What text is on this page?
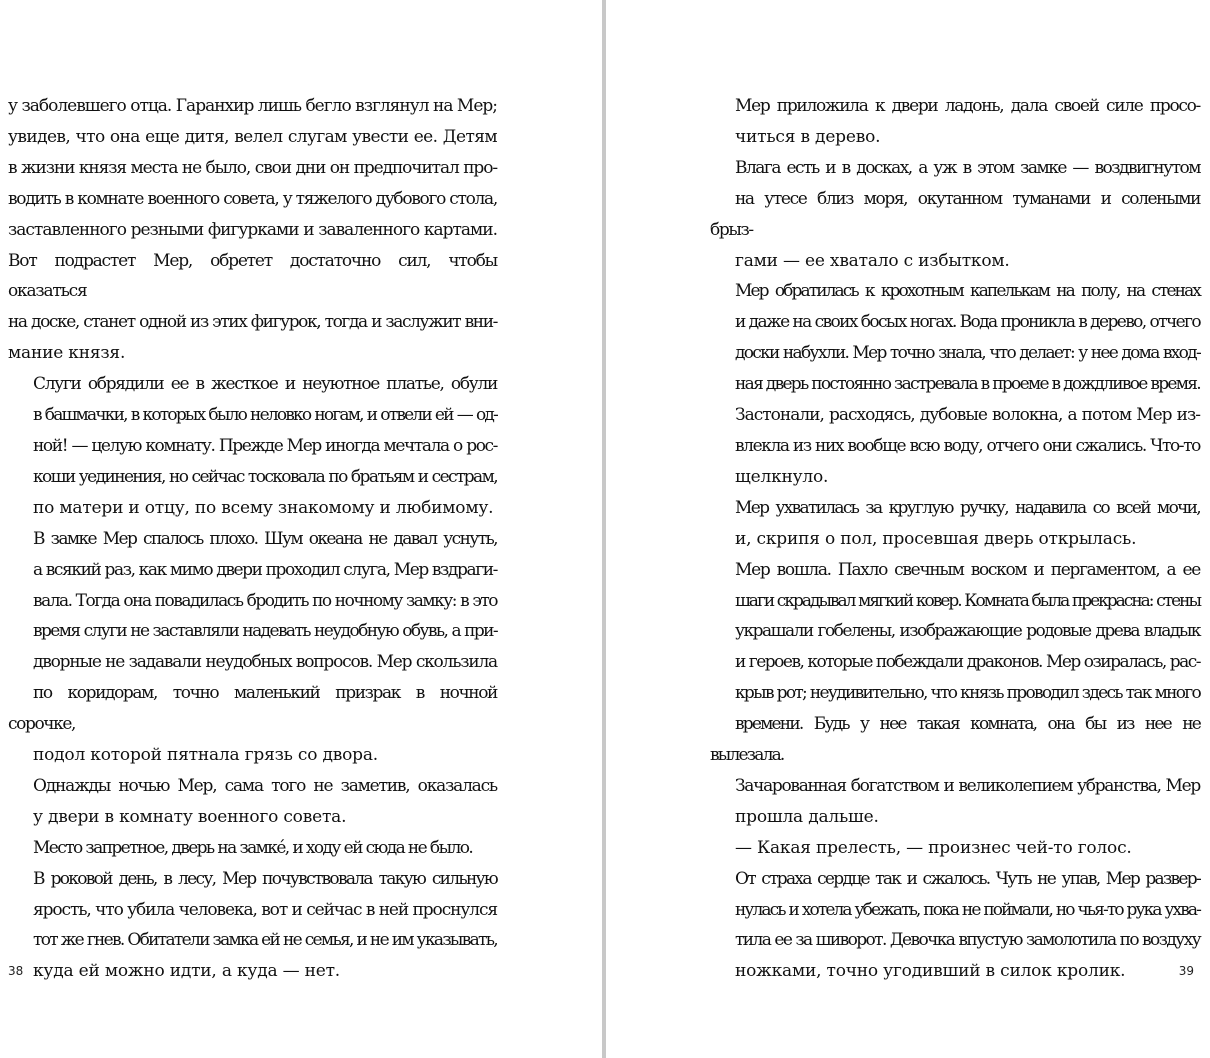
у заболевшего отца. Гаранхир лишь бегло взглянул на Мер;
увидев, что она еще дитя, велел слугам увести ее. Детям
в жизни князя места не было, свои дни он предпочитал про-
водить в комнате военного совета, у тяжелого дубового стола,
заставленного резными фигурками и заваленного картами.
Вот подрастет Мер, обретет достаточно сил, чтобы оказаться
на доске, станет одной из этих фигурок, тогда и заслужит вни-
мание князя.

Слуги обрядили ее в жесткое и неуютное платье, обули
в башмачки, в которых было неловко ногам, и отвели ей — од-
ной! — целую комнату. Прежде Мер иногда мечтала о рос-
коши уединения, но сейчас тосковала по братьям и сестрам,
по матери и отцу, по всему знакомому и любимому.

В замке Мер спалось плохо. Шум океана не давал уснуть,
а всякий раз, как мимо двери проходил слуга, Мер вздраги-
вала. Тогда она повадилась бродить по ночному замку: в это
время слуги не заставляли надевать неудобную обувь, а при-
дворные не задавали неудобных вопросов. Мер скользила
по коридорам, точно маленький призрак в ночной сорочке,
подол которой пятнала грязь со двора.

Однажды ночью Мер, сама того не заметив, оказалась
у двери в комнату военного совета.

Место запретное, дверь на замкé, и ходу ей сюда не было.

В роковой день, в лесу, Мер почувствовала такую сильную
ярость, что убила человека, вот и сейчас в ней проснулся
тот же гнев. Обитатели замка ей не семья, и не им указывать,
куда ей можно идти, а куда — нет.

38

Мер приложила к двери ладонь, дала своей силе просо-
читься в дерево.

Влага есть и в досках, а уж в этом замке — воздвигнутом
на утесе близ моря, окутанном туманами и солеными брыз-
гами — ее хватало с избытком.

Мер обратилась к крохотным капелькам на полу, на стенах
и даже на своих босых ногах. Вода проникла в дерево, отчего
доски набухли. Мер точно знала, что делает: у нее дома вход-
ная дверь постоянно застревала в проеме в дождливое время.
Застонали, расходясь, дубовые волокна, а потом Мер из-
влекла из них вообще всю воду, отчего они сжались. Что-то
щелкнуло.

Мер ухватилась за круглую ручку, надавила со всей мочи,
и, скрипя о пол, просевшая дверь открылась.

Мер вошла. Пахло свечным воском и пергаментом, а ее
шаги скрадывал мягкий ковер. Комната была прекрасна: стены
украшали гобелены, изображающие родовые древа владык
и героев, которые побеждали драконов. Мер озиралась, рас-
крыв рот; неудивительно, что князь проводил здесь так много
времени. Будь у нее такая комната, она бы из нее не вылезала.
Зачарованная богатством и великолепием убранства, Мер
прошла дальше.

— Какая прелесть, — произнес чей-то голос.

От страха сердце так и сжалось. Чуть не упав, Мер развер-
нулась и хотела убежать, пока не поймали, но чья-то рука ухва-
тила ее за шиворот. Девочка впустую замолотила по воздуху
ножками, точно угодивший в силок кролик.	39
